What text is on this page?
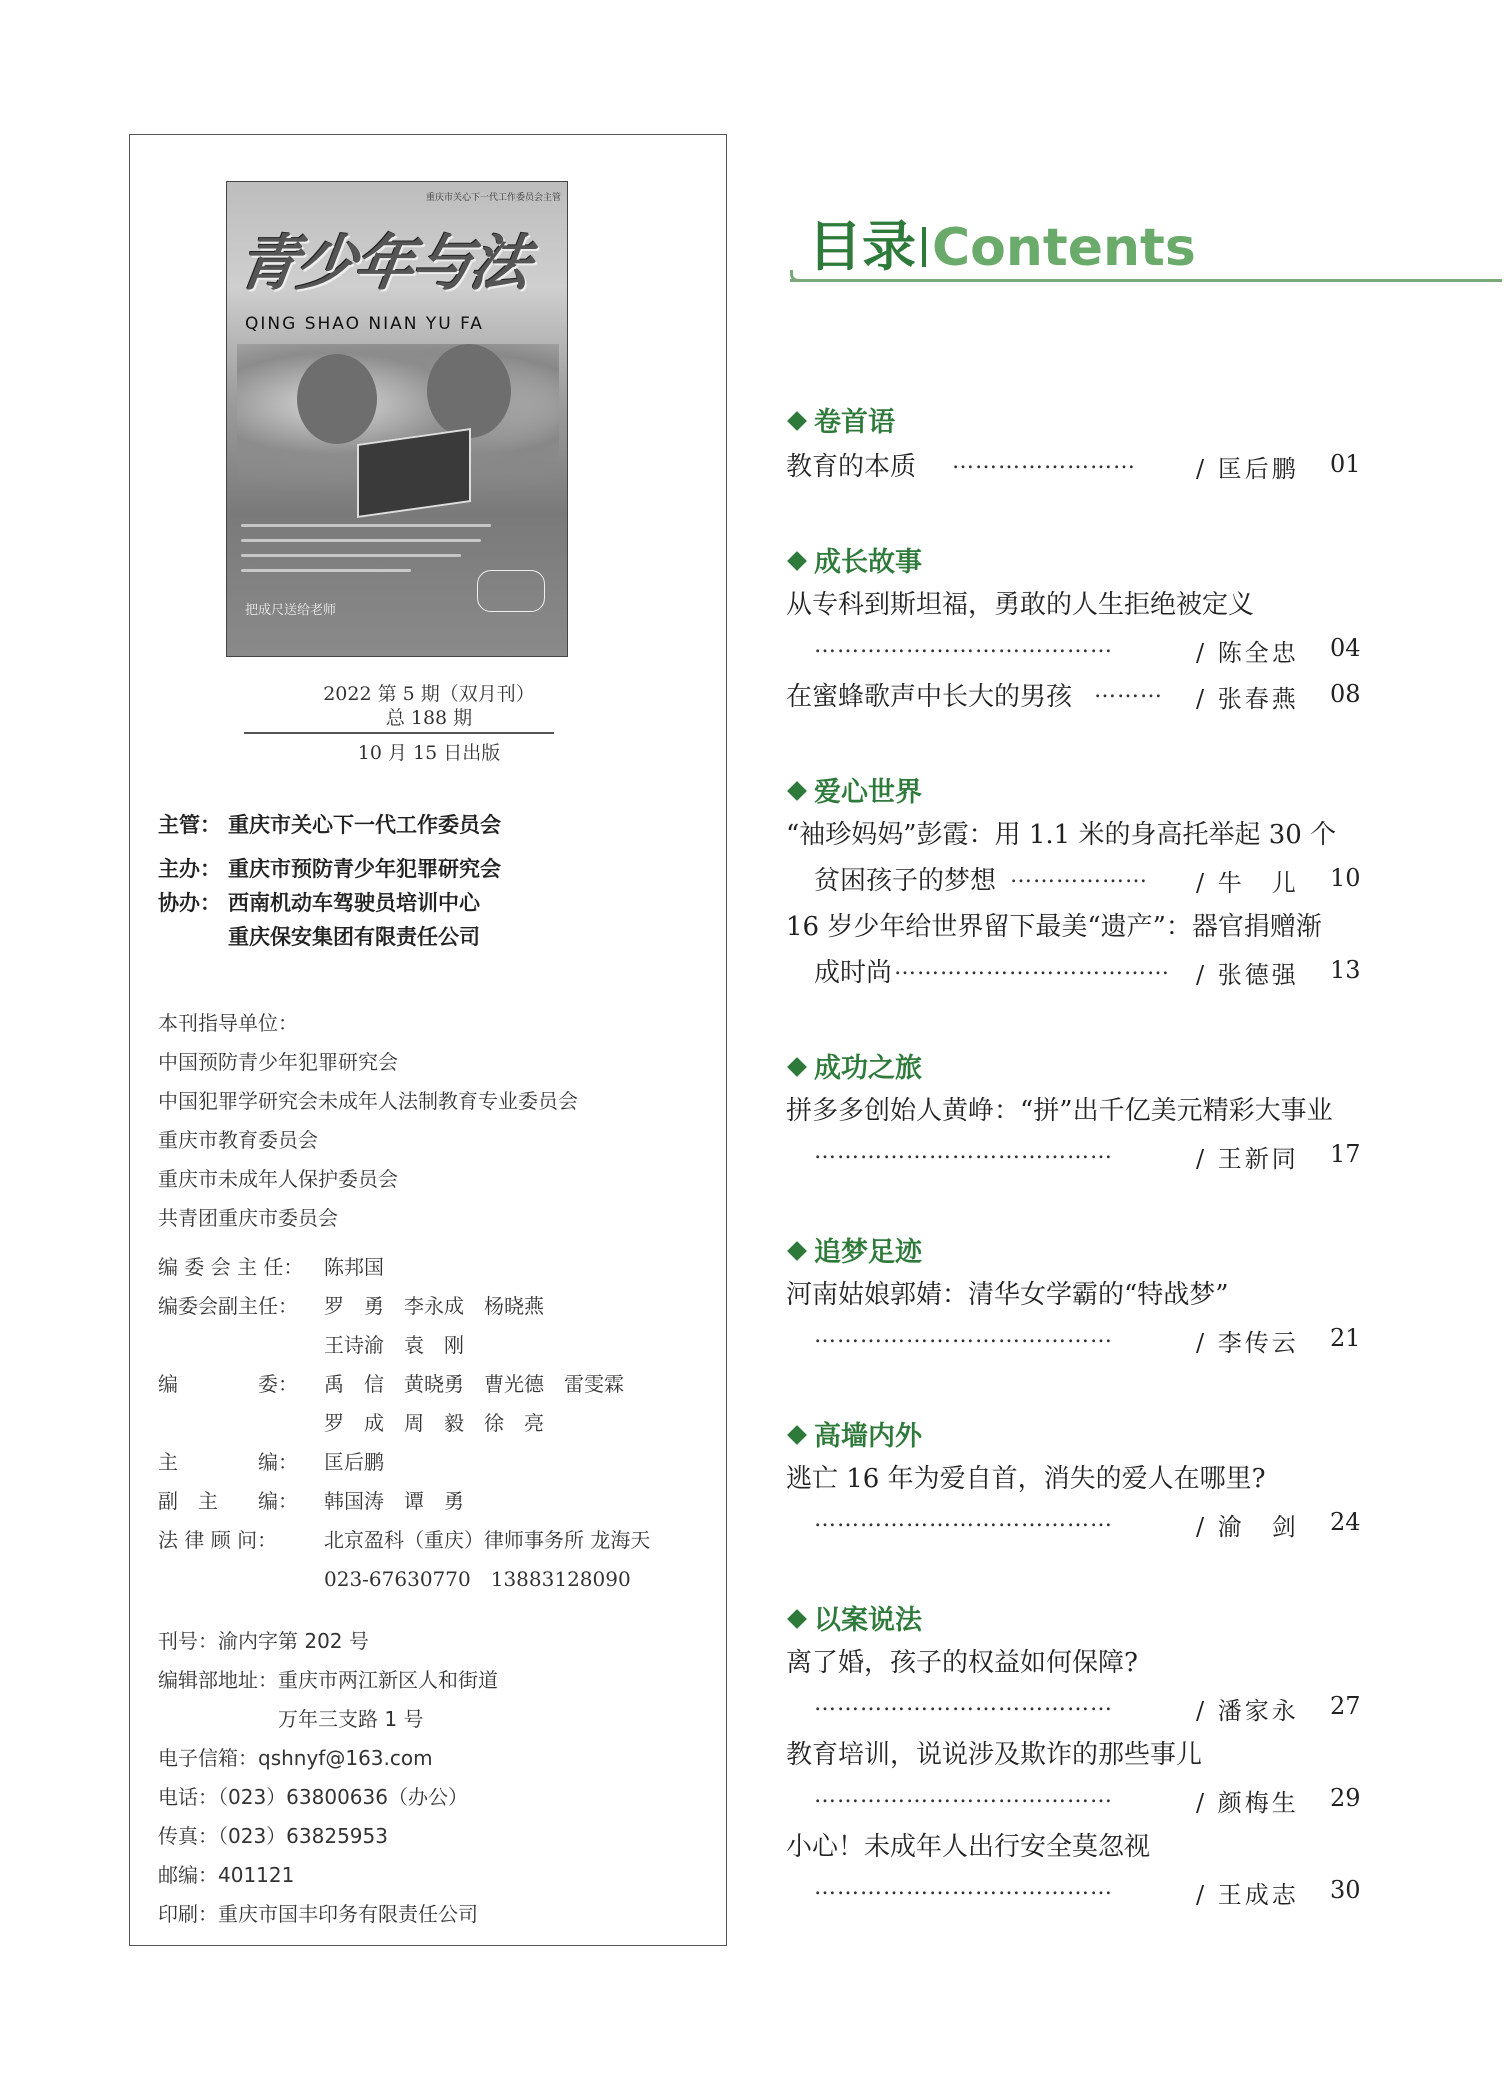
重庆市关心下一代工作委员会主管
青少年与法
QING SHAO NIAN YU FA
把成尺送给老师
2022 第 5 期（双月刊）
总 188 期
10 月 15 日出版
主管： 重庆市关心下一代工作委员会
主办： 重庆市预防青少年犯罪研究会
协办： 西南机动车驾驶员培训中心
重庆保安集团有限责任公司
本刊指导单位：
中国预防青少年犯罪研究会
中国犯罪学研究会未成年人法制教育专业委员会
重庆市教育委员会
重庆市未成年人保护委员会
共青团重庆市委员会
编 委 会 主 任： 陈邦国
编委会副主任： 罗　勇　李永成　杨晓燕
王诗渝　袁　刚
编　　　　委： 禹　信　黄晓勇　曹光德　雷雯霖
罗　成　周　毅　徐　亮
主　　　　编： 匡后鹏
副　主　　编： 韩国涛　谭　勇
法 律 顾 问： 北京盈科（重庆）律师事务所 龙海天
023-67630770　13883128090
刊号：渝内字第 202 号
编辑部地址：重庆市两江新区人和街道
　　　　　　万年三支路 1 号
电子信箱：qshnyf@163.com
电话：（023）63800636（办公）
传真：（023）63825953
邮编：401121
印刷：重庆市国丰印务有限责任公司
目录 Contents
卷首语
教育的本质 ……………………	/ 匡后鹏 01
成长故事
从专科到斯坦福，勇敢的人生拒绝被定义
…………………………………	/ 陈全忠 04
在蜜蜂歌声中长大的男孩 ……… / 张春燕 08
爱心世界
“袖珍妈妈”彭霞：用 1.1 米的身高托举起 30 个
贫困孩子的梦想 ……………… / 牛　儿 10
16 岁少年给世界留下最美“遗产”：器官捐赠渐
成时尚 ……………………………… / 张德强 13
成功之旅
拼多多创始人黄峥：“拼”出千亿美元精彩大事业
…………………………………	/ 王新同 17
追梦足迹
河南姑娘郭婧：清华女学霸的“特战梦”
…………………………………	/ 李传云 21
高墙内外
逃亡 16 年为爱自首，消失的爱人在哪里?
…………………………………	/ 渝　剑 24
以案说法
离了婚，孩子的权益如何保障?
…………………………………	/ 潘家永 27
教育培训，说说涉及欺诈的那些事儿
…………………………………	/ 颜梅生 29
小心！未成年人出行安全莫忽视
…………………………………	/ 王成志 30
